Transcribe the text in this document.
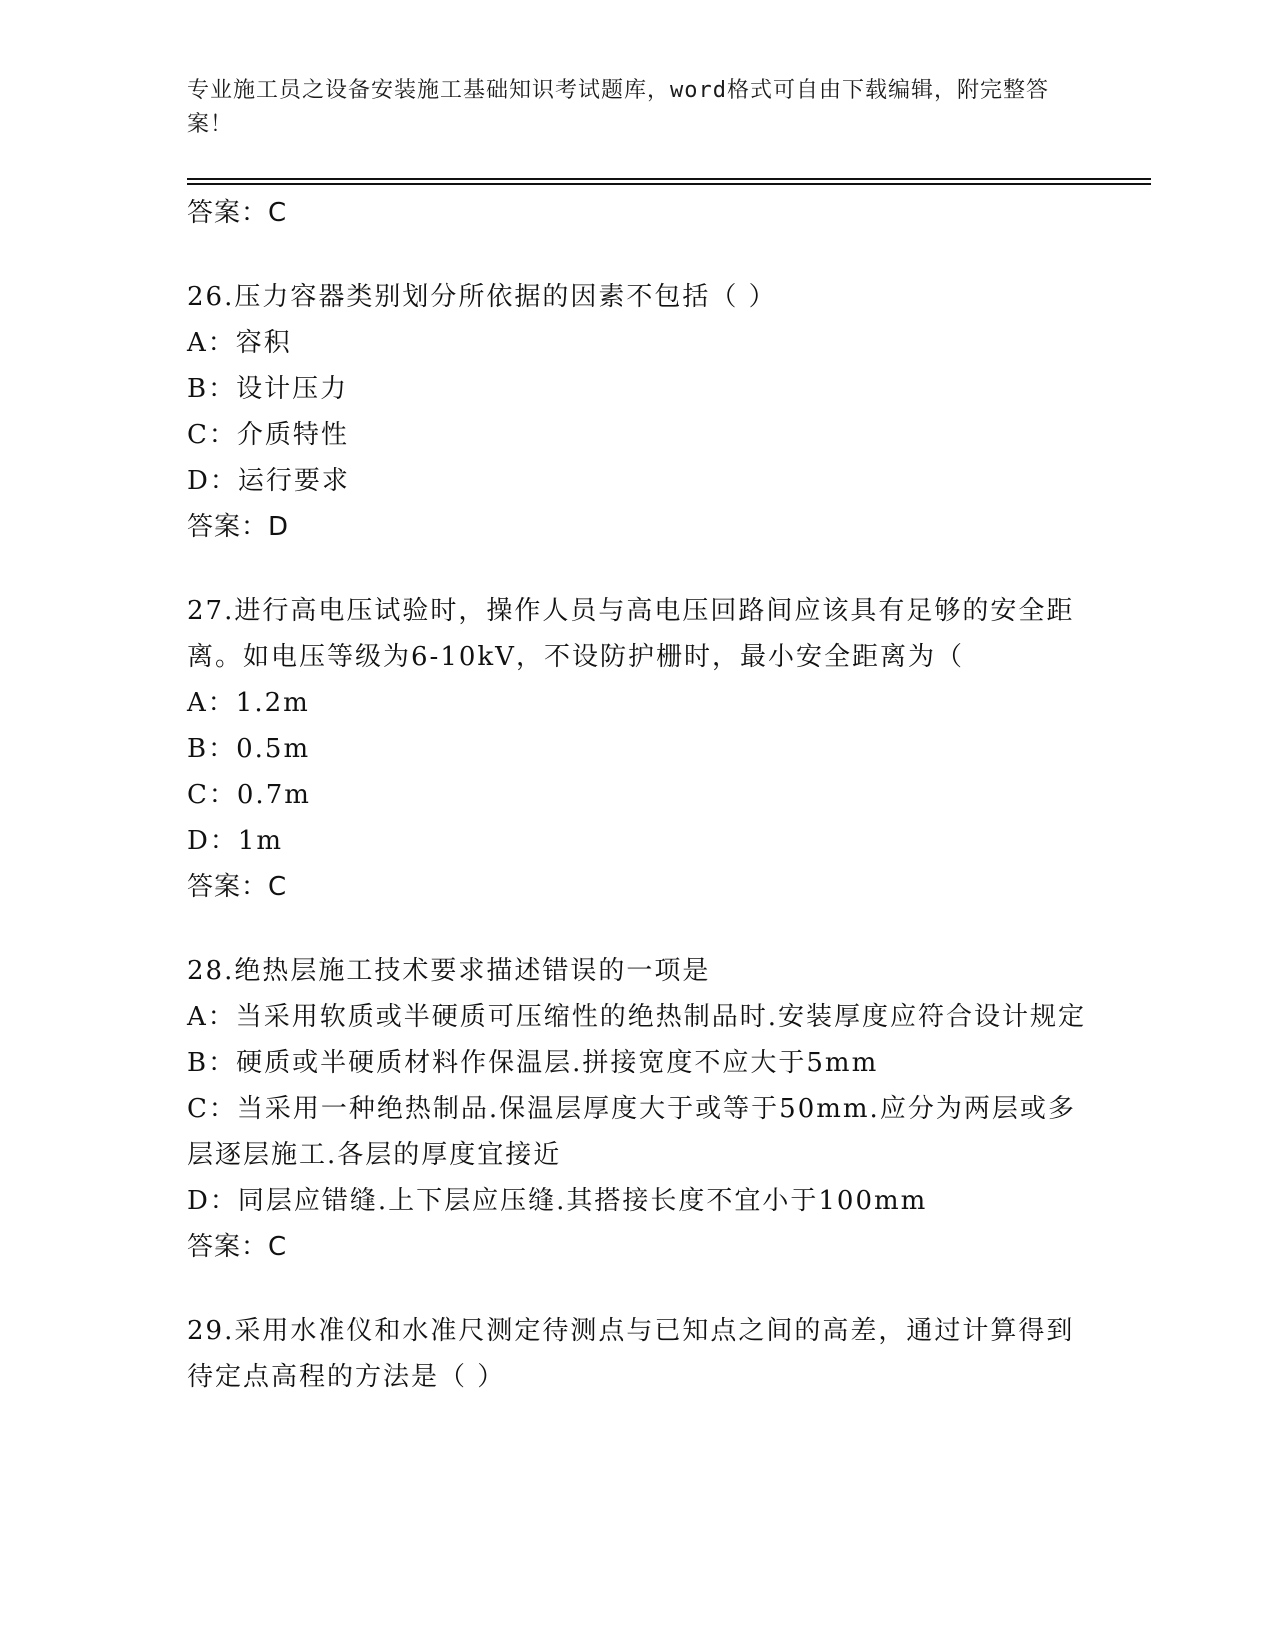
专业施工员之设备安装施工基础知识考试题库，word格式可自由下载编辑，附完整答案！
答案：C
26.压力容器类别划分所依据的因素不包括（ ）
A：容积
B：设计压力
C：介质特性
D：运行要求
答案：D
27.进行高电压试验时，操作人员与高电压回路间应该具有足够的安全距离。如电压等级为6-10kV，不设防护栅时，最小安全距离为（
A：1.2m
B：0.5m
C：0.7m
D：1m
答案：C
28.绝热层施工技术要求描述错误的一项是
A：当采用软质或半硬质可压缩性的绝热制品时.安装厚度应符合设计规定
B：硬质或半硬质材料作保温层.拼接宽度不应大于5mm
C：当采用一种绝热制品.保温层厚度大于或等于50mm.应分为两层或多层逐层施工.各层的厚度宜接近
D：同层应错缝.上下层应压缝.其搭接长度不宜小于100mm
答案：C
29.采用水准仪和水准尺测定待测点与已知点之间的高差，通过计算得到待定点高程的方法是（ ）
